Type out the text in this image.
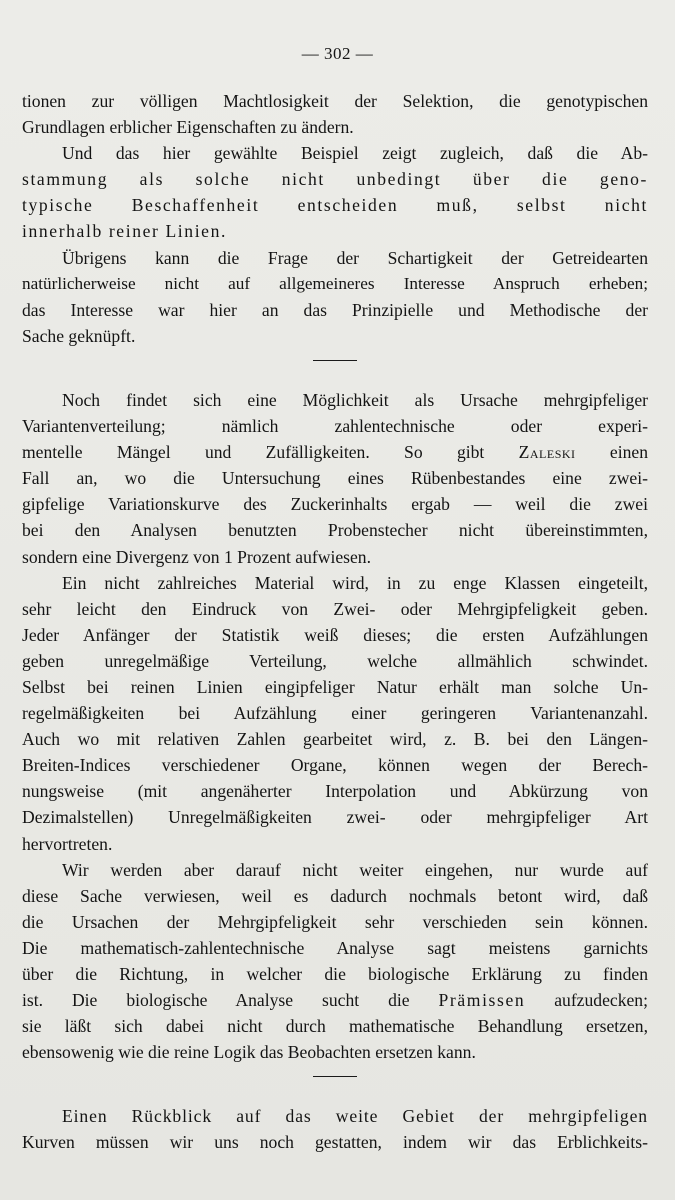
— 302 —

tionen zur völligen Machtlosigkeit der Selektion, die genotypischen
Grundlagen erblicher Eigenschaften zu ändern.

Und das hier gewählte Beispiel zeigt zugleich, daß die Ab-
stammung als solche nicht unbedingt über die geno-
typische Beschaffenheit entscheiden muß, selbst nicht
innerhalb reiner Linien.

Übrigens kann die Frage der Schartigkeit der Getreidearten
natürlicherweise nicht auf allgemeineres Interesse Anspruch erheben;
das Interesse war hier an das Prinzipielle und Methodische der
Sache geknüpft.

Noch findet sich eine Möglichkeit als Ursache mehrgipfeliger
Variantenverteilung; nämlich zahlentechnische oder experi-
mentelle Mängel und Zufälligkeiten. So gibt Zaleski einen
Fall an, wo die Untersuchung eines Rübenbestandes eine zwei-
gipfelige Variationskurve des Zuckerinhalts ergab — weil die zwei
bei den Analysen benutzten Probenstecher nicht übereinstimmten,
sondern eine Divergenz von 1 Prozent aufwiesen.

Ein nicht zahlreiches Material wird, in zu enge Klassen eingeteilt,
sehr leicht den Eindruck von Zwei- oder Mehrgipfeligkeit geben.
Jeder Anfänger der Statistik weiß dieses; die ersten Aufzählungen
geben unregelmäßige Verteilung, welche allmählich schwindet.
Selbst bei reinen Linien eingipfeliger Natur erhält man solche Un-
regelmäßigkeiten bei Aufzählung einer geringeren Variantenanzahl.
Auch wo mit relativen Zahlen gearbeitet wird, z. B. bei den Längen-
Breiten-Indices verschiedener Organe, können wegen der Berech-
nungsweise (mit angenäherter Interpolation und Abkürzung von
Dezimalstellen) Unregelmäßigkeiten zwei- oder mehrgipfeliger Art
hervortreten.

Wir werden aber darauf nicht weiter eingehen, nur wurde auf
diese Sache verwiesen, weil es dadurch nochmals betont wird, daß
die Ursachen der Mehrgipfeligkeit sehr verschieden sein können.
Die mathematisch-zahlentechnische Analyse sagt meistens garnichts
über die Richtung, in welcher die biologische Erklärung zu finden
ist. Die biologische Analyse sucht die Prämissen aufzudecken;
sie läßt sich dabei nicht durch mathematische Behandlung ersetzen,
ebensowenig wie die reine Logik das Beobachten ersetzen kann.

Einen Rückblick auf das weite Gebiet der mehrgipfeligen
Kurven müssen wir uns noch gestatten, indem wir das Erblichkeits-
